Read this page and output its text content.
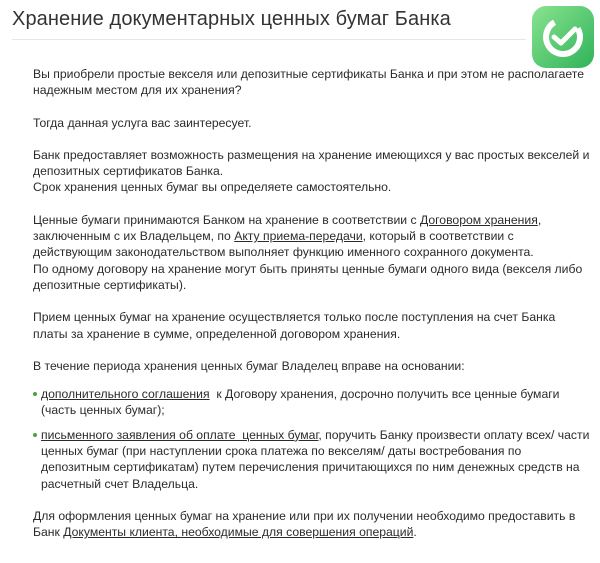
Хранение документарных ценных бумаг Банка

Вы приобрели простые векселя или депозитные сертификаты Банка и при этом не располагаете надежным местом для их хранения?

Тогда данная услуга вас заинтересует.

Банк предоставляет возможность размещения на хранение имеющихся у вас простых векселей и депозитных сертификатов Банка.

Срок хранения ценных бумаг вы определяете самостоятельно.

Ценные бумаги принимаются Банком на хранение в соответствии с Договором хранения, заключенным с их Владельцем, по Акту приема-передачи, который в соответствии с действующим законодательством выполняет функцию именного сохранного документа.

По одному договору на хранение могут быть приняты ценные бумаги одного вида (векселя либо депозитные сертификаты).

Прием ценных бумаг на хранение осуществляется только после поступления на счет Банка платы за хранение в сумме, определенной договором хранения.

В течение периода хранения ценных бумаг Владелец вправе на основании:

дополнительного соглашения  к Договору хранения, досрочно получить все ценные бумаги (часть ценных бумаг);
письменного заявления об оплате  ценных бумаг, поручить Банку произвести оплату всех/ части ценных бумаг (при наступлении срока платежа по векселям/ даты востребования по депозитным сертификатам) путем перечисления причитающихся по ним денежных средств на расчетный счет Владельца.

Для оформления ценных бумаг на хранение или при их получении необходимо предоставить в Банк Документы клиента, необходимые для совершения операций.
